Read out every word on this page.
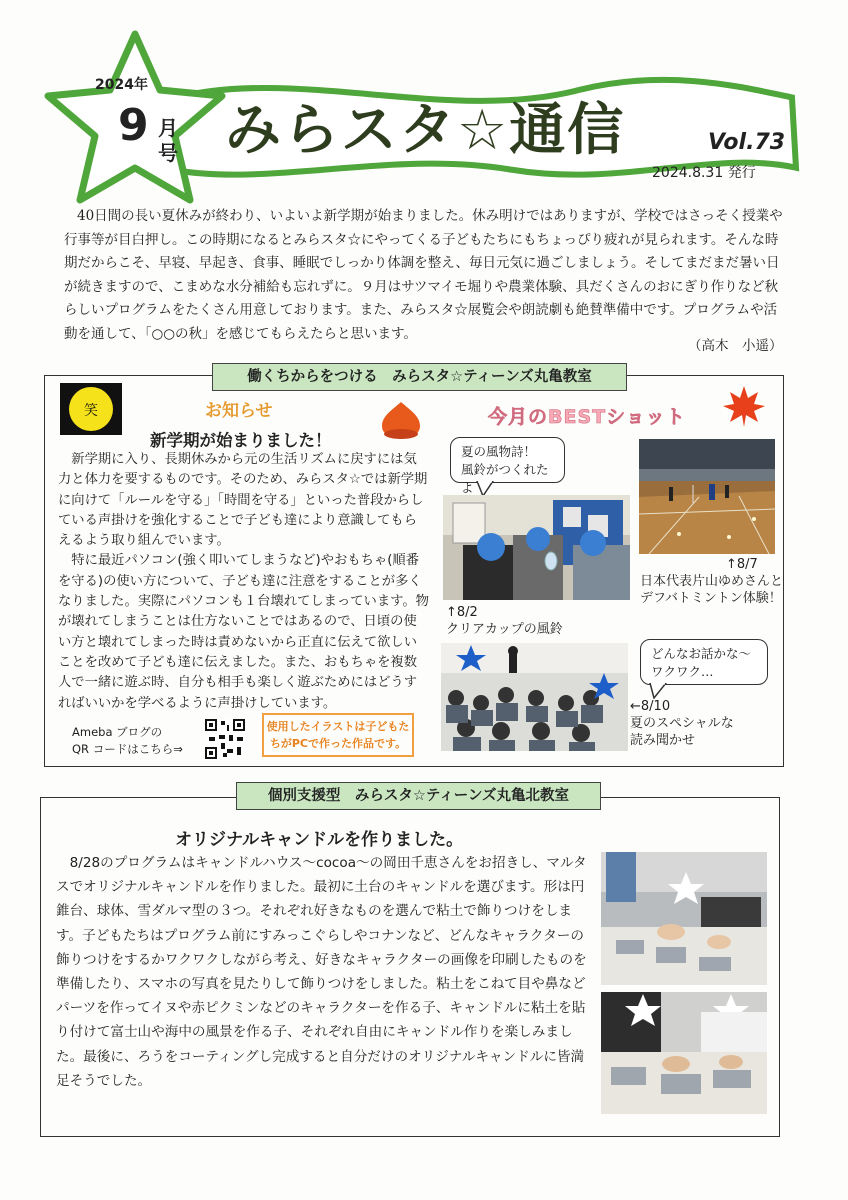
2024年
9 月
号 みらスタ☆通信	Vol.73
2024.8.31 発行
40日間の長い夏休みが終わり、いよいよ新学期が始まりました。休み明けではありますが、学校ではさっそく授業や行事等が目白押し。この時期になるとみらスタ☆にやってくる子どもたちにもちょっぴり疲れが見られます。そんな時期だからこそ、早寝、早起き、食事、睡眠でしっかり体調を整え、毎日元気に過ごしましょう。そしてまだまだ暑い日が続きますので、こまめな水分補給も忘れずに。９月はサツマイモ堀りや農業体験、具だくさんのおにぎり作りなど秋らしいプログラムをたくさん用意しております。また、みらスタ☆展覧会や朗読劇も絶賛準備中です。プログラムや活動を通して、「○○の秋」を感じてもらえたらと思います。
（高木　小遥）
働くちからをつける　みらスタ☆ティーンズ丸亀教室
笑	お知らせ	今月のBESTショット
新学期が始まりました！
　新学期に入り、長期休みから元の生活リズムに戻すには気力と体力を要するものです。そのため、みらスタ☆では新学期に向けて「ルールを守る」「時間を守る」といった普段からしている声掛けを強化することで子ども達により意識してもらえるよう取り組んでいます。
　特に最近パソコン(強く叩いてしまうなど)やおもちゃ(順番を守る)の使い方について、子ども達に注意をすることが多くなりました。実際にパソコンも１台壊れてしまっています。物が壊れてしまうことは仕方ないことではあるので、日頃の使い方と壊れてしまった時は責めないから正直に伝えて欲しいことを改めて子ども達に伝えました。また、おもちゃを複数人で一緒に遊ぶ時、自分も相手も楽しく遊ぶためにはどうすればいいかを学べるように声掛けしています。
Ameba ブログの
QR コードはこちら⇒
使用したイラストは子どもたちがPCで作った作品です。
夏の風物詩！
風鈴がつくれたよ
↑8/2
クリアカップの風鈴
↑8/7
日本代表片山ゆめさんと
デフバトミントン体験！
どんなお話かな～
ワクワク…
←8/10
夏のスペシャルな
読み聞かせ
個別支援型　みらスタ☆ティーンズ丸亀北教室
オリジナルキャンドルを作りました。
　8/28のプログラムはキャンドルハウス～cocoa～の岡田千恵さんをお招きし、マルタスでオリジナルキャンドルを作りました。最初に土台のキャンドルを選びます。形は円錐台、球体、雪ダルマ型の３つ。それぞれ好きなものを選んで粘土で飾りつけをします。子どもたちはプログラム前にすみっこぐらしやコナンなど、どんなキャラクターの飾りつけをするかワクワクしながら考え、好きなキャラクターの画像を印刷したものを準備したり、スマホの写真を見たりして飾りつけをしました。粘土をこねて目や鼻などパーツを作ってイヌや赤ピクミンなどのキャラクターを作る子、キャンドルに粘土を貼り付けて富士山や海中の風景を作る子、それぞれ自由にキャンドル作りを楽しみました。最後に、ろうをコーティングし完成すると自分だけのオリジナルキャンドルに皆満足そうでした。
